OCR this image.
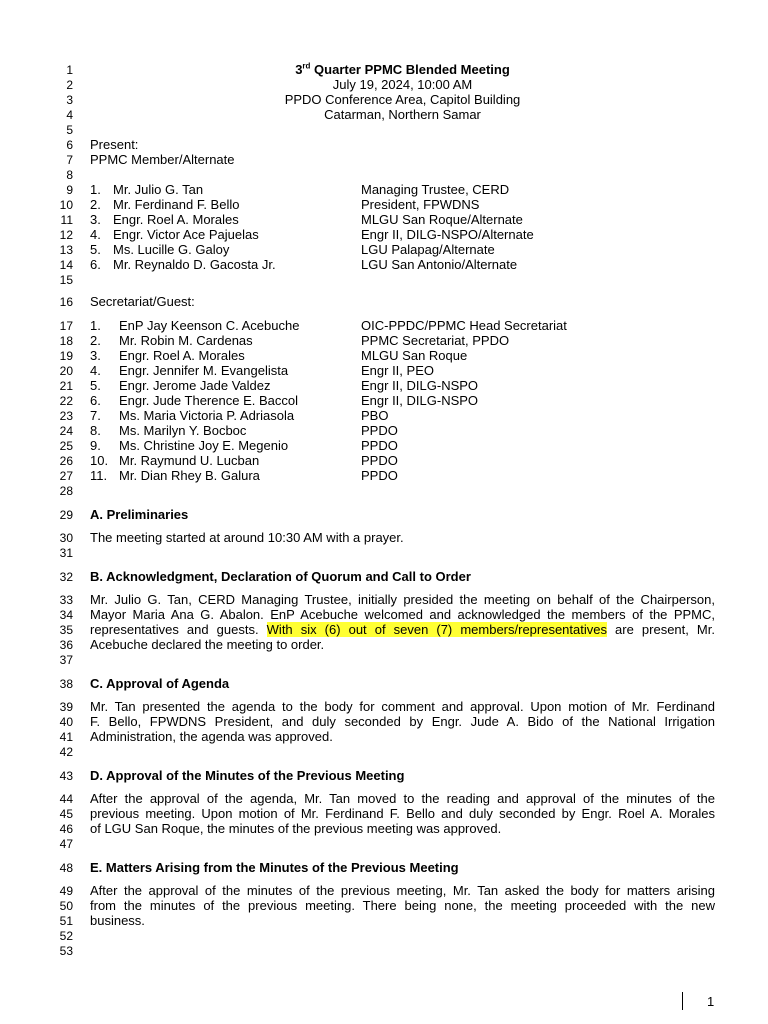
1
2
3
4
5
6
7
8
9
10
11
12
13
14
15
16
17
18
19
20
21
22
23
24
25
26
27
28
29
30
31
32
33
34
35
36
37
38
39
40
41
42
43
44
45
46
47
48
49
50
51
52
53
3rd Quarter PPMC Blended Meeting
July 19, 2024, 10:00 AM
PPDO Conference Area, Capitol Building
Catarman, Northern Samar
Present:
PPMC Member/Alternate
1. Mr. Julio G. Tan	Managing Trustee, CERD
2. Mr. Ferdinand F. Bello	President, FPWDNS
3. Engr. Roel A. Morales	MLGU San Roque/Alternate
4. Engr. Victor Ace Pajuelas	Engr II, DILG-NSPO/Alternate
5. Ms. Lucille G. Galoy	LGU Palapag/Alternate
6. Mr. Reynaldo D. Gacosta Jr.	LGU San Antonio/Alternate
Secretariat/Guest:
1. EnP Jay Keenson C. Acebuche	OIC-PPDC/PPMC Head Secretariat
2. Mr. Robin M. Cardenas	PPMC Secretariat, PPDO
3. Engr. Roel A. Morales	MLGU San Roque
4. Engr. Jennifer M. Evangelista	Engr II, PEO
5. Engr. Jerome Jade Valdez	Engr II, DILG-NSPO
6. Engr. Jude Therence E. Baccol	Engr II, DILG-NSPO
7. Ms. Maria Victoria P. Adriasola	PBO
8. Ms. Marilyn Y. Bocboc	PPDO
9. Ms. Christine Joy E. Megenio	PPDO
10. Mr. Raymund U. Lucban	PPDO
11. Mr. Dian Rhey B. Galura	PPDO
A. Preliminaries
The meeting started at around 10:30 AM with a prayer.
B. Acknowledgment, Declaration of Quorum and Call to Order
Mr. Julio G. Tan, CERD Managing Trustee, initially presided the meeting on behalf of the Chairperson,
Mayor Maria Ana G. Abalon. EnP Acebuche welcomed and acknowledged the members of the PPMC,
representatives and guests. With six (6) out of seven (7) members/representatives are present, Mr.
Acebuche declared the meeting to order.
C. Approval of Agenda
Mr. Tan presented the agenda to the body for comment and approval. Upon motion of Mr. Ferdinand
F. Bello, FPWDNS President, and duly seconded by Engr. Jude A. Bido of the National Irrigation
Administration, the agenda was approved.
D. Approval of the Minutes of the Previous Meeting
After the approval of the agenda, Mr. Tan moved to the reading and approval of the minutes of the
previous meeting. Upon motion of Mr. Ferdinand F. Bello and duly seconded by Engr. Roel A. Morales
of LGU San Roque, the minutes of the previous meeting was approved.
E. Matters Arising from the Minutes of the Previous Meeting
After the approval of the minutes of the previous meeting, Mr. Tan asked the body for matters arising
from the minutes of the previous meeting. There being none, the meeting proceeded with the new
business.
1
